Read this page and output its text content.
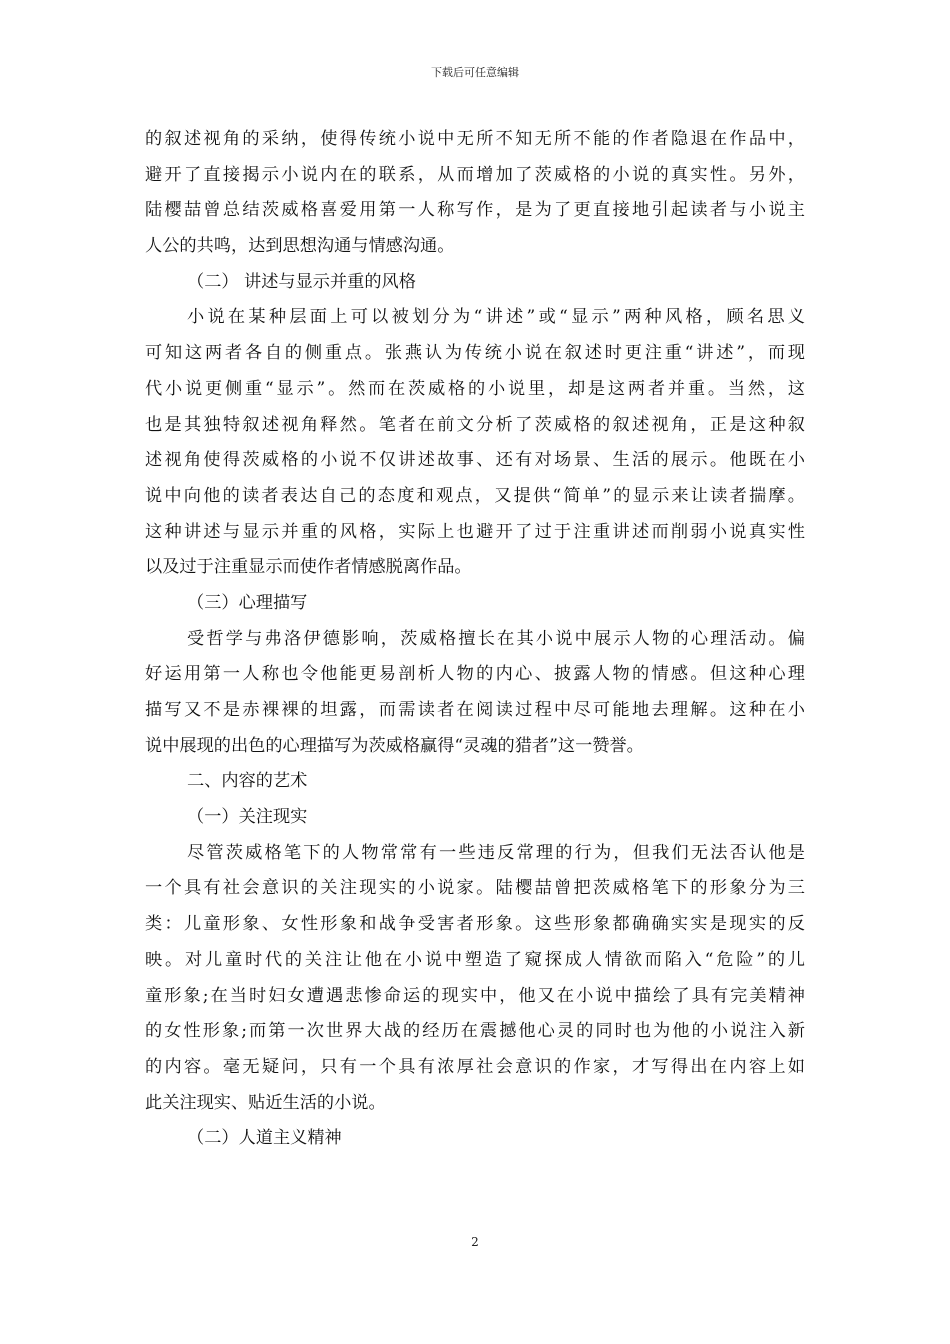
下载后可任意编辑
的叙述视角的采纳，使得传统小说中无所不知无所不能的作者隐退在作品中，
避开了直接揭示小说内在的联系，从而增加了茨威格的小说的真实性。另外，
陆樱喆曾总结茨威格喜爱用第一人称写作，是为了更直接地引起读者与小说主
人公的共鸣，达到思想沟通与情感沟通。
（二） 讲述与显示并重的风格
小说在某种层面上可以被划分为“讲述”或“显示”两种风格，顾名思义
可知这两者各自的侧重点。张燕认为传统小说在叙述时更注重“讲述”，而现
代小说更侧重“显示”。然而在茨威格的小说里，却是这两者并重。当然，这
也是其独特叙述视角释然。笔者在前文分析了茨威格的叙述视角，正是这种叙
述视角使得茨威格的小说不仅讲述故事、还有对场景、生活的展示。他既在小
说中向他的读者表达自己的态度和观点，又提供“简单”的显示来让读者揣摩。
这种讲述与显示并重的风格，实际上也避开了过于注重讲述而削弱小说真实性
以及过于注重显示而使作者情感脱离作品。
（三）心理描写
受哲学与弗洛伊德影响，茨威格擅长在其小说中展示人物的心理活动。偏
好运用第一人称也令他能更易剖析人物的内心、披露人物的情感。但这种心理
描写又不是赤裸裸的坦露，而需读者在阅读过程中尽可能地去理解。这种在小
说中展现的出色的心理描写为茨威格赢得“灵魂的猎者”这一赞誉。
二、内容的艺术
（一）关注现实
尽管茨威格笔下的人物常常有一些违反常理的行为，但我们无法否认他是
一个具有社会意识的关注现实的小说家。陆樱喆曾把茨威格笔下的形象分为三
类：儿童形象、女性形象和战争受害者形象。这些形象都确确实实是现实的反
映。对儿童时代的关注让他在小说中塑造了窥探成人情欲而陷入“危险”的儿
童形象;在当时妇女遭遇悲惨命运的现实中，他又在小说中描绘了具有完美精神
的女性形象;而第一次世界大战的经历在震撼他心灵的同时也为他的小说注入新
的内容。毫无疑问，只有一个具有浓厚社会意识的作家，才写得出在内容上如
此关注现实、贴近生活的小说。
（二）人道主义精神
2
